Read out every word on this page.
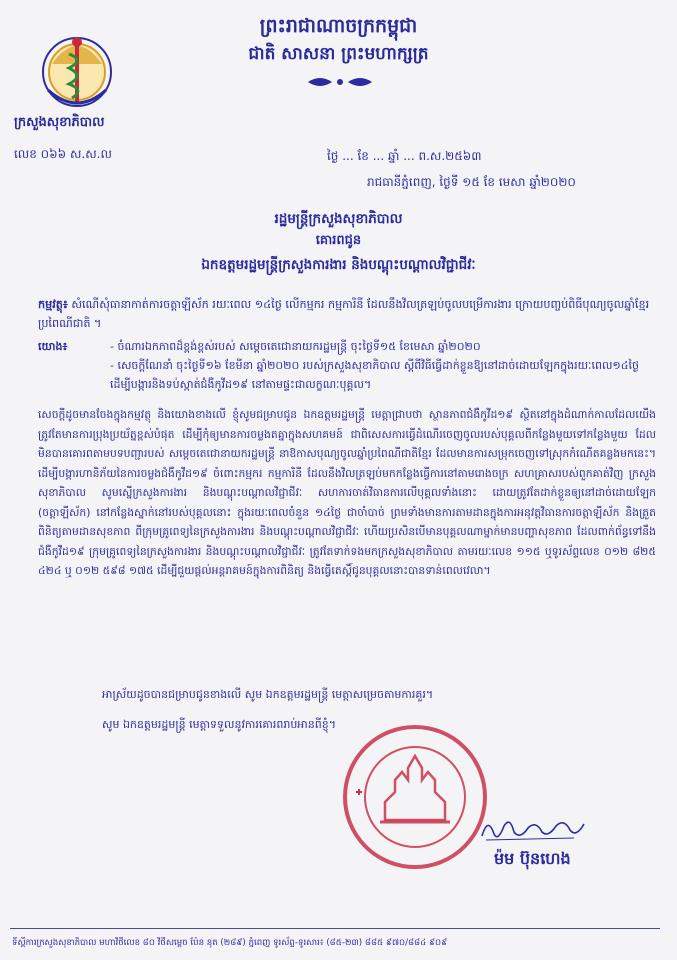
ក្រសួងសុខាភិបាល
ព្រះរាជាណាចក្រកម្ពុជា
ជាតិ សាសនា ព្រះមហាក្សត្រ
លេខ ០៦៦ ស.ស.ល	ថ្ងៃ ... ខែ ... ឆ្នាំ ... ព.ស.២៥៦៣
រាជធានីភ្នំពេញ, ថ្ងៃទី ១៥ ខែ មេសា ឆ្នាំ២០២០
រដ្ឋមន្ត្រីក្រសួងសុខាភិបាល
គោរពជូន
ឯកឧត្តមរដ្ឋមន្ត្រីក្រសួងការងារ និងបណ្ដុះបណ្ដាលវិជ្ជាជីវៈ
កម្មវត្ថុ៖ សំណើសុំធានាកាត់ការចត្តាឡីស័ក រយៈពេល ១៤ថ្ងៃ លើកម្មករ កម្មការិនី ដែលនឹងវិលត្រឡប់ចូលបម្រើការងារ ក្រោយបញ្ចប់ពិធីបុណ្យចូលឆ្នាំខ្មែរប្រពៃណីជាតិ ។
យោង៖	- ចំណារឯកភាពដ៏ខ្ពង់ខ្ពស់របស់ សម្ដេចតេជោនាយករដ្ឋមន្ត្រី ចុះថ្ងៃទី១៥ ខែមេសា ឆ្នាំ២០២០
- សេចក្ដីណែនាំ ចុះថ្ងៃទី១៦ ខែមីនា ឆ្នាំ២០២០ របស់ក្រសួងសុខាភិបាល ស្ដីពីវិធីធ្វើដាក់ខ្លួនឱ្យនៅដាច់ដោយឡែកក្នុងរយៈពេល១៤ថ្ងៃ ដើម្បីបង្ការនិងទប់ស្កាត់ជំងឺកូវីដ១៩ នៅតាមផ្ទះជាលក្ខណៈបុគ្គល។
សេចក្ដីដូចមានចែងក្នុងកម្មវត្ថុ និងយោងខាងលើ ខ្ញុំសូមជម្រាបជូន ឯកឧត្តមរដ្ឋមន្ត្រី មេត្តាជ្រាបថា ស្ថានភាពជំងឺកូវីដ១៩ ស្ថិតនៅក្នុងដំណាក់កាលដែលយើងត្រូវតែមានការប្រុងប្រយ័ត្នខ្ពស់បំផុត ដើម្បីកុំឲ្យមានការចម្លងតគ្នាក្នុងសហគមន៍ ជាពិសេសការធ្វើដំណើរចេញចូលរបស់បុគ្គលពីកន្លែងមួយទៅកន្លែងមួយ ដែលមិនបានគោរពតាមបទបញ្ជារបស់ សម្ដេចតេជោនាយករដ្ឋមន្ត្រី នាឱកាសបុណ្យចូលឆ្នាំប្រពៃណីជាតិខ្មែរ ដែលមានការសម្រុកចេញទៅស្រុកកំណើតគន្លងមកនេះ។ ដើម្បីបង្ការហានិភ័យនៃការចម្លងជំងឺកូវីដ១៩ ចំពោះកម្មករ កម្មការិនី ដែលនឹងវិលត្រឡប់មកកន្លែងធ្វើការនៅតាមរោងចក្រ សហគ្រាសរបស់ពួកគាត់វិញ ក្រសួងសុខាភិបាល សូមស្នើក្រសួងការងារ និងបណ្ដុះបណ្ដាលវិជ្ជាជីវៈ សហការចាត់វិធានការលើបុគ្គលទាំងនោះ ដោយត្រូវតែដាក់ខ្លួនឲ្យនៅដាច់ដោយឡែក (ចត្តាឡីស័ក) នៅកន្លែងស្នាក់នៅរបស់បុគ្គលនោះ ក្នុងរយៈពេលចំនួន ១៤ថ្ងៃ ជាចាំបាច់ ព្រមទាំងមានការតាមដានក្នុងការអនុវត្តវិធានការចត្តាឡីស័ក និងត្រួតពិនិត្យតាមដានសុខភាព ពីក្រុមគ្រូពេទ្យនៃក្រសួងការងារ និងបណ្ដុះបណ្ដាលវិជ្ជាជីវៈ ហើយប្រសិនបើមានបុគ្គលណាម្នាក់មានបញ្ហាសុខភាព ដែលពាក់ព័ន្ធទៅនឹងជំងឺកូវីដ១៩ ក្រុមគ្រូពេទ្យនៃក្រសួងការងារ និងបណ្ដុះបណ្ដាលវិជ្ជាជីវៈ ត្រូវតែទាក់ទងមកក្រសួងសុខាភិបាល តាមរយៈលេខ ១១៥ ឬទូរស័ព្ទលេខ ០១២ ៨២៥ ៤២៤ ឬ ០១២ ៥៩៨ ១៧៥ ដើម្បីជួយផ្ដល់អន្តរាគមន៍ក្នុងការពិនិត្យ និងធ្វើតេស្តិ៍ជូនបុគ្គលនោះបានទាន់ពេលវេលា។
អាស្រ័យដូចបានជម្រាបជូនខាងលើ សូម ឯកឧត្តមរដ្ឋមន្ត្រី មេត្តាសម្រេចតាមការគួរ។
សូម ឯកឧត្តមរដ្ឋមន្ត្រី មេត្តាទទួលនូវការគោរពរាប់អានពីខ្ញុំ។
ម៉ម ប៊ុនហេង
ទីស្តីការក្រសួងសុខាភិបាល មហាវិថីលេខ ៨០ វិថីសម្ដេច ប៉ែន នុត (២៨៩) ភ្នំពេញ ទូរស័ព្ទ-ទូរសារ៖ (៨៥-២៣) ៨៨៥ ៩៧០/៨៨៤ ៩០៩
